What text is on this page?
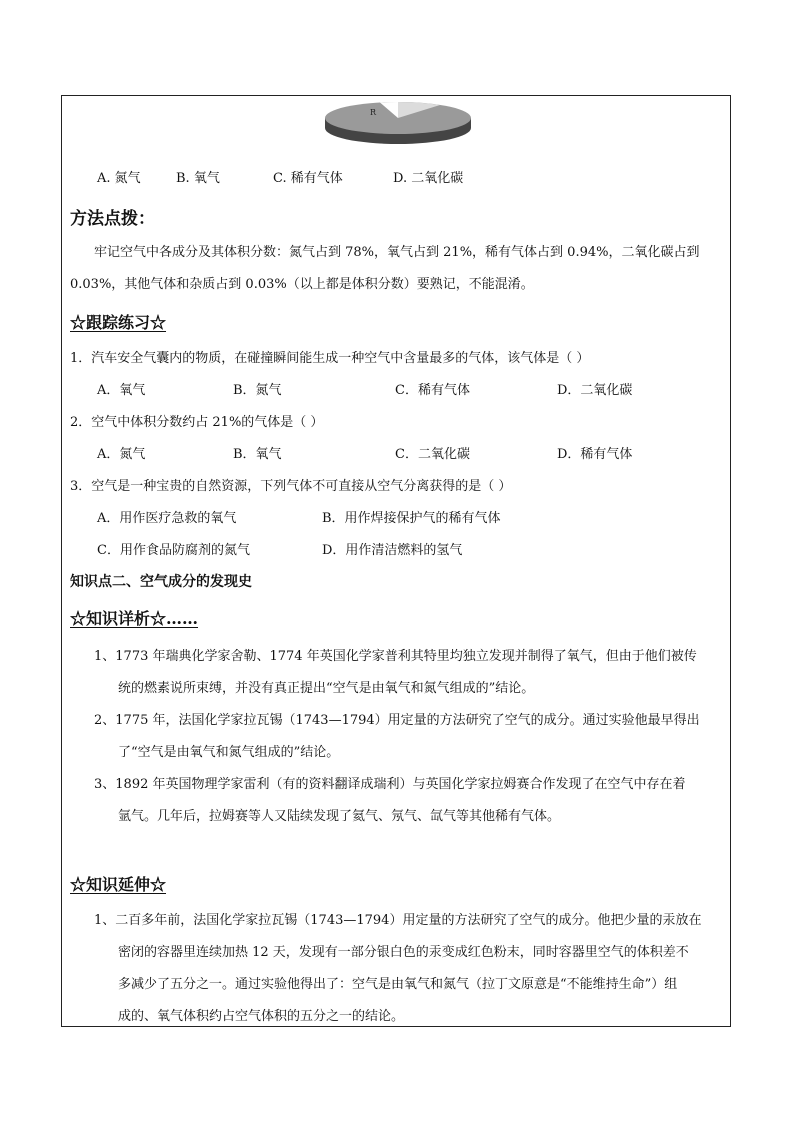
R
A. 氮气	B. 氧气	C. 稀有气体	D. 二氧化碳
方法点拨：
牢记空气中各成分及其体积分数：氮气占到 78%，氧气占到 21%，稀有气体占到 0.94%，二氧化碳占到
0.03%，其他气体和杂质占到 0.03%（以上都是体积分数）要熟记，不能混淆。
☆跟踪练习☆
1．汽车安全气囊内的物质，在碰撞瞬间能生成一种空气中含量最多的气体，该气体是（ ）
A．氧气	B．氮气	C．稀有气体	D．二氧化碳
2．空气中体积分数约占 21%的气体是（ ）
A．氮气	B．氧气	C．二氧化碳	D．稀有气体
3．空气是一种宝贵的自然资源，下列气体不可直接从空气分离获得的是（ ）
A．用作医疗急救的氧气	B．用作焊接保护气的稀有气体
C．用作食品防腐剂的氮气	D．用作清洁燃料的氢气
知识点二、空气成分的发现史
☆知识详析☆……
1、1773 年瑞典化学家舍勒、1774 年英国化学家普利其特里均独立发现并制得了氧气，但由于他们被传
统的燃素说所束缚，并没有真正提出“空气是由氧气和氮气组成的”结论。
2、1775 年，法国化学家拉瓦锡（1743—1794）用定量的方法研究了空气的成分。通过实验他最早得出
了“空气是由氧气和氮气组成的”结论。
3、1892 年英国物理学家雷利（有的资料翻译成瑞利）与英国化学家拉姆赛合作发现了在空气中存在着
氩气。几年后，拉姆赛等人又陆续发现了氦气、氖气、氙气等其他稀有气体。
☆知识延伸☆
1、二百多年前，法国化学家拉瓦锡（1743—1794）用定量的方法研究了空气的成分。他把少量的汞放在
密闭的容器里连续加热 12 天，发现有一部分银白色的汞变成红色粉末，同时容器里空气的体积差不
多减少了五分之一。通过实验他得出了：空气是由氧气和氮气（拉丁文原意是“不能维持生命”）组
成的、氧气体积约占空气体积的五分之一的结论。
